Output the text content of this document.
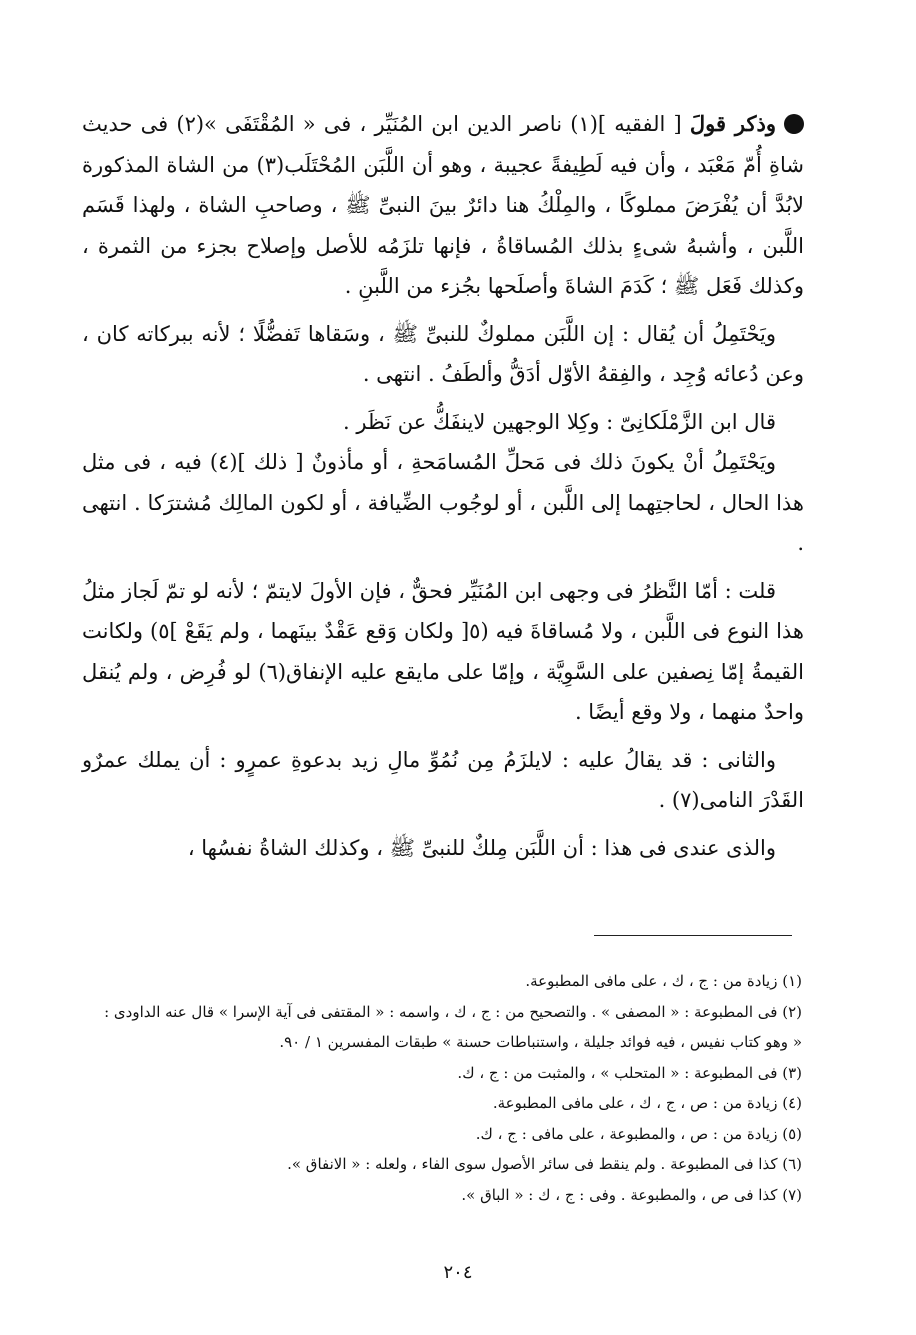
وذكر قولَ [ الفقيه ](١) ناصر الدين ابن المُنَيِّر ، فى « المُقْتَفَى »(٢) فى حديث شاةِ أُمّ مَعْبَد ، وأن فيه لَطِيفةً عجيبة ، وهو أن اللَّبَن المُحْتَلَب(٣) من الشاة المذكورة لابُدَّ أن يُفْرَضَ مملوكًا ، والمِلْكُ هنا دائرٌ بينَ النبىِّ ﷺ ، وصاحبِ الشاة ، ولهذا قَسَم اللَّبن ، وأشبهُ شىءٍ بذلك المُساقاةُ ، فإنها تلزَمُه للأصل وإصلاح بجزء من الثمرة ، وكذلك فَعَل ﷺ ؛ كَدَمَ الشاةَ وأصلَحها بجُزء من اللَّبنِ .

ويَحْتَمِلُ أن يُقال : إن اللَّبَن مملوكٌ للنبىِّ ﷺ ، وسَقاها تَفضُّلًا ؛ لأنه ببركاته كان ، وعن دُعائه وُجِد ، والفِقهُ الأوّل أدَقُّ وألطَفُ . انتهى .

قال ابن الزَّمْلَكانِىّ : وكِلا الوجهين لاينفَكُّ عن نَظَر .

ويَحْتَمِلُ أنْ يكونَ ذلك فى مَحلِّ المُسامَحةِ ، أو مأذونٌ [ ذلك ](٤) فيه ، فى مثل هذا الحال ، لحاجتِهما إلى اللَّبن ، أو لوجُوب الضِّيافة ، أو لكون المالِك مُشترَكا . انتهى .

قلت : أمّا النَّظرُ فى وجهى ابن المُنَيِّر فحقٌّ ، فإن الأولَ لايتمّ ؛ لأنه لو تمّ لَجاز مثلُ هذا النوع فى اللَّبن ، ولا مُساقاةَ فيه (٥[ ولكان وَقع عَقْدٌ بينَهما ، ولم يَقَعْ ]٥) ولكانت القيمةُ إمّا نِصفين على السَّوِيَّة ، وإمّا على مايقع عليه الإنفاق(٦) لو فُرِض ، ولم يُنقل واحدٌ منهما ، ولا وقع أيضًا .

والثانى : قد يقالُ عليه : لايلزَمُ مِن نُمُوِّ مالِ زيد بدعوةِ عمرٍو : أن يملك عمرٌو القَدْرَ النامى(٧) .

والذى عندى فى هذا : أن اللَّبَن مِلكٌ للنبىِّ ﷺ ، وكذلك الشاةُ نفسُها ،

(١) زيادة من : ج ، ك ، على مافى المطبوعة.

(٢) فى المطبوعة : « المصفى » . والتصحيح من : ج ، ك ، واسمه : « المقتفى فى آية الإسرا » قال عنه الداودى :

« وهو كتاب نفيس ، فيه فوائد جليلة ، واستنباطات حسنة » طبقات المفسرين ١ / ٩٠.

(٣) فى المطبوعة : « المتحلب » ، والمثبت من : ج ، ك.

(٤) زيادة من : ص ، ج ، ك ، على مافى المطبوعة.

(٥) زيادة من : ص ، والمطبوعة ، على مافى : ج ، ك.

(٦) كذا فى المطبوعة . ولم ينقط فى سائر الأصول سوى الفاء ، ولعله : « الانفاق ».

(٧) كذا فى ص ، والمطبوعة . وفى : ج ، ك : « الباق ».

٢٠٤
